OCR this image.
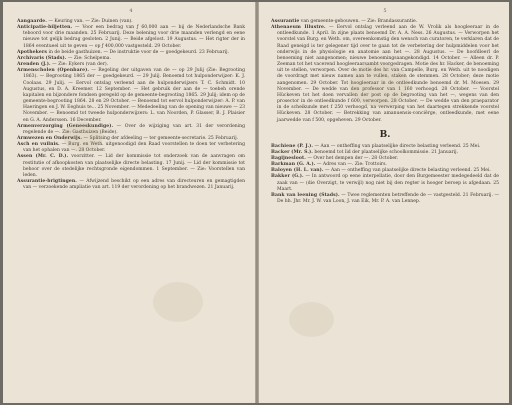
4

Aangaarde. — Keuring van. — Zie: Duinen (van).

Anticipatie-biljetten. — Voor een bedrag van ƒ 60,000 aan — bij de Nederlandsche Bank teboord voor drie maanden. 25 Februarij. Deze belening voor drie maanden verlengd en eene nieuwe tot gelijk bedrag gesloten. 2 Junij. — Beide afgelost. 19 Augustus. — Het rigter der in 1864 eventueel uit te geven — op ƒ 400,000 vastgesteld. 29 October.

Apothekers in de beide gasthuizen. — De instruktie voor de — goedgekeurd. 23 Februarij.

Archivaris (Stads). — Zie: Schelpema.

Arenden (J.). — Zie: Eykers (van der).

Armenscholen (Openbare). — Regeling der uitgaven van de — op 29 Julij (Zie: Begrooting 1863). — Begrooting 1865 der — goedgekeurd. — 29 Julij. Benoemd tot hulponderwijzer: K. J. Coolaas. 29 Julij. — Eervol ontslag verleend aan de hulponderwijzers T. C. Schmidt. 10 Augustus, en D. A. Kreemer. 12 September. — Het gebruik der aan de — toebeh orende kapitalen en bijzondere fondsen geregeld op de gemeente-begrooting 1865. 29 Julij; idem op de gemeente-begrooting 1864. 28 en 29 October. — Benoemd tot eervol hulponderwijzer: A. P. van Haeringen en J. W. Eeghuis te... 25 November. — Mededeeling van de opening van nieuwe — 23 November. — Benoemd tot tweede hulponderwijzers: L. van Noorden, P. Glasser, B. J. Plaisier en G. A. Anderssen. 16 December.

Armenverzorging (Geneeskundige). — Over de wijziging van art. 31 der verordening regelende de —. Zie: Gasthuizen (Beide).

Armwezen en Onderwijs. — Splitsing der afdeeling — ter gemeente-secretarie. 25 Februarij.

Asch en vuilnis. — Burg. en Weth. uitgenoodigd den Raad voorstellen te doen ter verbetering van het ophalen van —. 28 October.

Assen (Mr. C. D.). voorzitter. — Lid der kommissie tot onderzoek van de aanvragen om restitutie of afkoopkosten van plaatselijke directe belasting. 17 Junij. — Lid der kommissie tot behoor over de stedelijke rechtsgronde eigendommen. 1 September. — Zie: Voorstellen van leden.

Assurantie-brigtingen. — Afwijzend beschikt op een adres van directeuren en gemagtigden van — verzoekende ampliatie van art. 119 der verordening op het brandwezen. 21 Januarij.

5

Assurantie van gemeente-gebouwen. — Zie: Brandassurantie.

Athenaeum Illustre. — Eervol ontslag verleend aan de W. Vrolik als hoogleeraar in de ontleedkunde. 1 April. In zijne plaats benoemd Dr. A. A. Ness. 26 Augustus. — Verworpen het voorstel van Burg. en Weth. om, overeenkomstig den wensch van curatoren, te verklaren dat de Raad geneigd is ter gelegener tijd over te gaan tot de verbetering der hulpmiddelen voor het onderwijs in de physiologie en anatomie aan het —. 28 Augustus. — De hoofdleerl de benoeming niet aangenomen; nieuwe benoemingsaangekondigd. 14 October. — Alleen dr. P. Zeeman tot het vacerend hoogleeraarsambt voorgedragen. Motie des hr. Hacker, de benoeming uit te stellen, verworpen. Over de motie des hr. van Campelle, Burg. en Weth. uit te noodigen de voordragt met nieuw namen aan te vullen, staken de stemmen. 28 October; deze motie aangenomen. 29 October. Tot hoogleeraar in de ontleedkunde benoemd dr. M. Moesen. 29 November. — De wedde van den professor van 1 160 verhoogd. 28 October. — Voorstel Hückeven tot het doen vervallen der post op de begrooting van het —, wegens van den prosector in de ontleedkunde f 600, verworpen. 28 October. — De wedde van den praeparator in de scheikunde met f 250 verhoogd, na verwerping van het daartegen strekkende voorstel Hückeven. 28 October. — Betrekking van amanuensis-conciërge, ontleedkunde, met eene jaarwedde van f 500, opgeheven. 29 October.

B.

Bachiene (P. J.). — Aan — ontheffing van plaatselijke directe belasting verleend. 25 Mei.

Backer (Mr. S.). benoemd tot lid der plaatselijke schoolkommissie. 21 Januarij.

Bagijnesloot. — Over het dempen der —. 28 October.

Barkman (G. A.). — Adres van —. Zie: Trottoirs.

Baloyen (H. L. van). — Aan — ontheffing van plaatselijke directe belasting verleend. 25 Mei.

Bakker (G.). — In antwoord op eene interpellatie, door den Burgemeester medegedeeld dat de zaak van — (die Overzigt, te verwijl) nog niet bij den regter is hooger beroep is afgedaan. 25 Maart.

Bank van leening (Stads). — Twee reglementen betreffende de — vastgesteld. 21 Februarij. — De hh. Jhr. Mr. J. W. van Loon, J. van Eik, Mr. P. A. van Lennep.
